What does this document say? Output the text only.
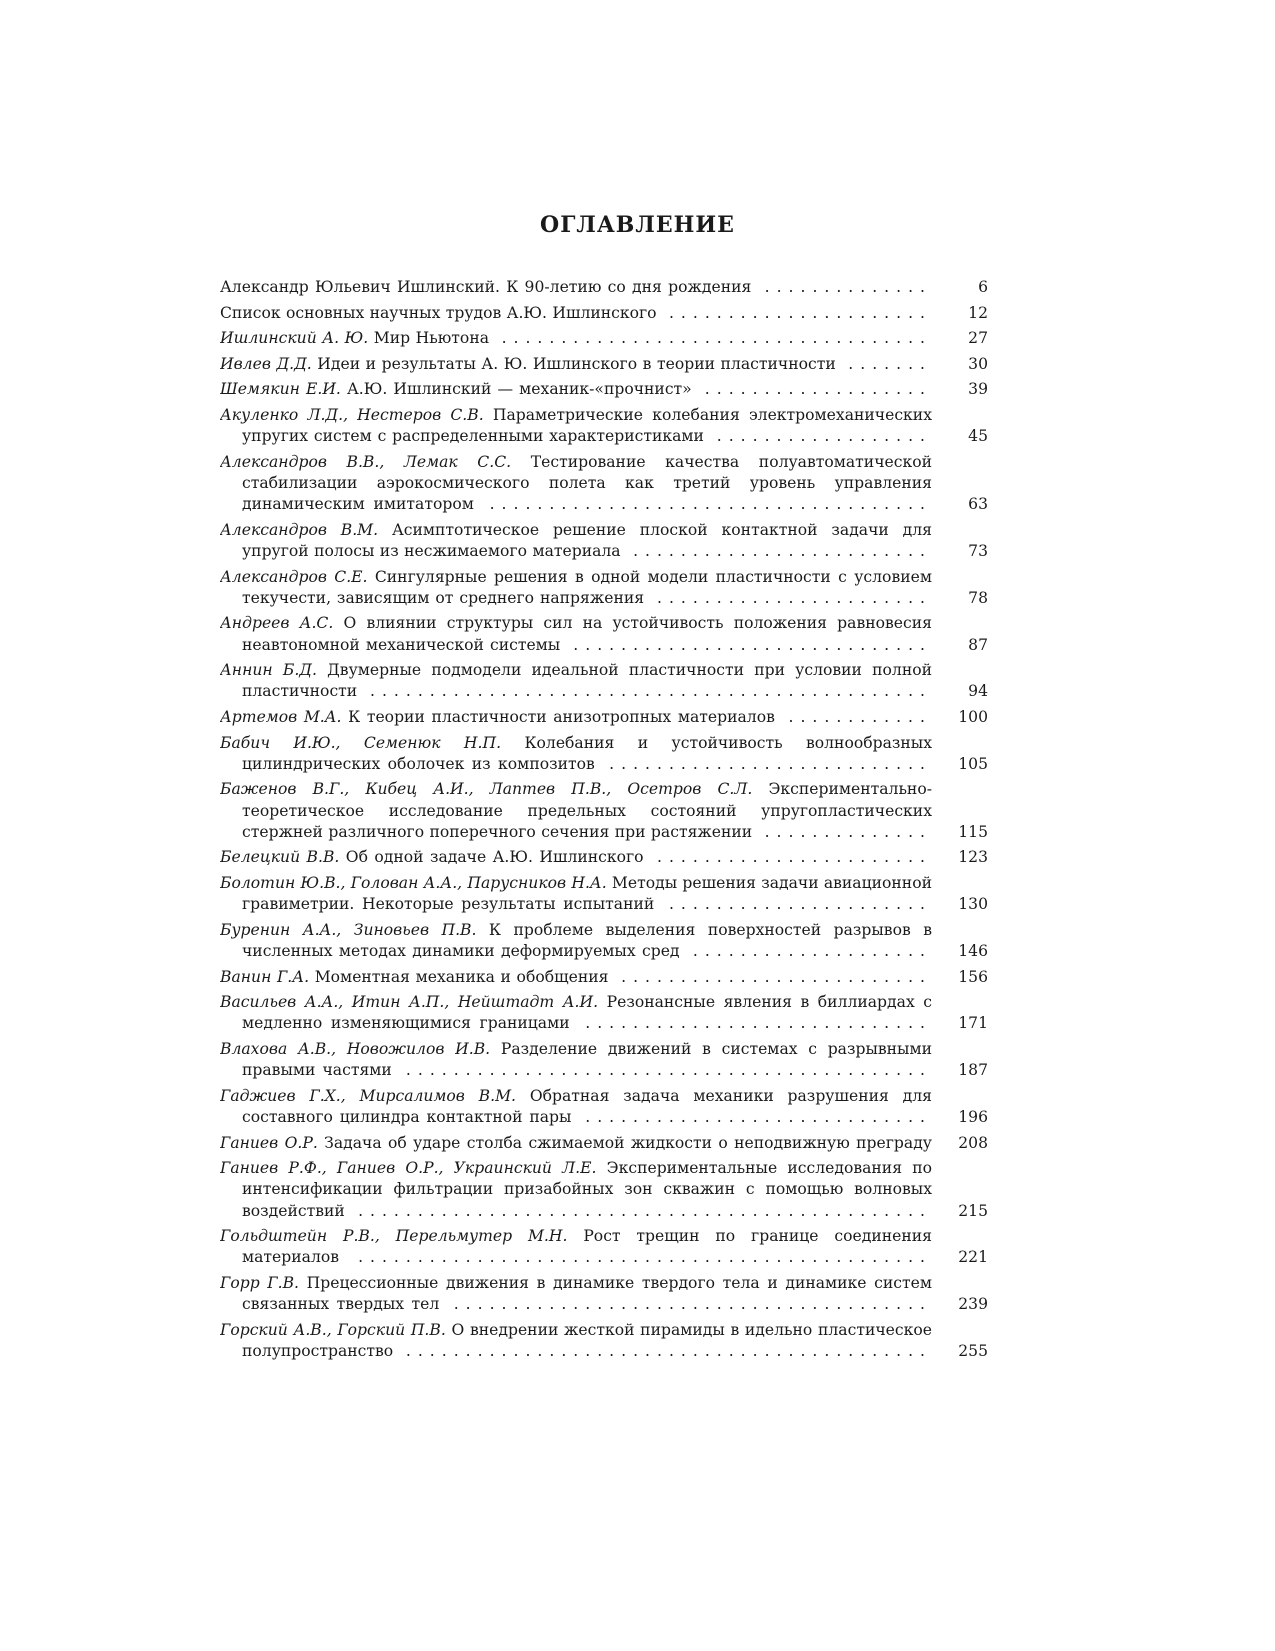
ОГЛАВЛЕНИЕ
Александр Юльевич Ишлинский. К 90-летию со дня рождения ..............	6
Список основных научных трудов А.Ю. Ишлинского ......................	12
Ишлинский А. Ю. Мир Ньютона ....................................	27
Ивлев Д.Д. Идеи и результаты А. Ю. Ишлинского в теории пластичности .......	30
Шемякин Е.И. А.Ю. Ишлинский — механик-«прочнист» ...................	39
Акуленко Л.Д., Нестеров С.В. Параметрические колебания электромеханических упругих систем с распределенными характеристиками ..................	45
Александров В.В., Лемак С.С. Тестирование качества полуавтоматической стабилизации аэрокосмического полета как третий уровень управления динамическим имитатором .....................................	63
Александров В.М. Асимптотическое решение плоской контактной задачи для упругой полосы из несжимаемого материала .........................	73
Александров С.Е. Сингулярные решения в одной модели пластичности с условием текучести, зависящим от среднего напряжения .......................	78
Андреев А.С. О влиянии структуры сил на устойчивость положения равновесия неавтономной механической системы ..............................	87
Аннин Б.Д. Двумерные подмодели идеальной пластичности при условии полной пластичности ...............................................	94
Артемов М.А. К теории пластичности анизотропных материалов ............	100
Бабич И.Ю., Семенюк Н.П. Колебания и устойчивость волнообразных цилиндрических оболочек из композитов ...........................	105
Баженов В.Г., Кибец А.И., Лаптев П.В., Осетров С.Л. Экспериментально-теоретическое исследование предельных состояний упругопластических стержней различного поперечного сечения при растяжении ..............	115
Белецкий В.В. Об одной задаче А.Ю. Ишлинского .......................	123
Болотин Ю.В., Голован А.А., Парусников Н.А. Методы решения задачи авиационной гравиметрии. Некоторые результаты испытаний ......................	130
Буренин А.А., Зиновьев П.В. К проблеме выделения поверхностей разрывов в численных методах динамики деформируемых сред ....................	146
Ванин Г.А. Моментная механика и обобщения ..........................	156
Васильев А.А., Итин А.П., Нейштадт А.И. Резонансные явления в биллиардах с медленно изменяющимися границами .............................	171
Влахова А.В., Новожилов И.В. Разделение движений в системах с разрывными правыми частями ............................................	187
Гаджиев Г.Х., Мирсалимов В.М. Обратная задача механики разрушения для составного цилиндра контактной пары .............................	196
Ганиев О.Р. Задача об ударе столба сжимаемой жидкости о неподвижную преграду	208
Ганиев Р.Ф., Ганиев О.Р., Украинский Л.Е. Экспериментальные исследования по интенсификации фильтрации призабойных зон скважин с помощью волновых воздействий ................................................	215
Гольдштейн Р.В., Перельмутер М.Н. Рост трещин по границе соединения материалов ................................................	221
Горр Г.В. Прецессионные движения в динамике твердого тела и динамике систем связанных твердых тел ........................................	239
Горский А.В., Горский П.В. О внедрении жесткой пирамиды в идельно пластическое полупространство ............................................	255
